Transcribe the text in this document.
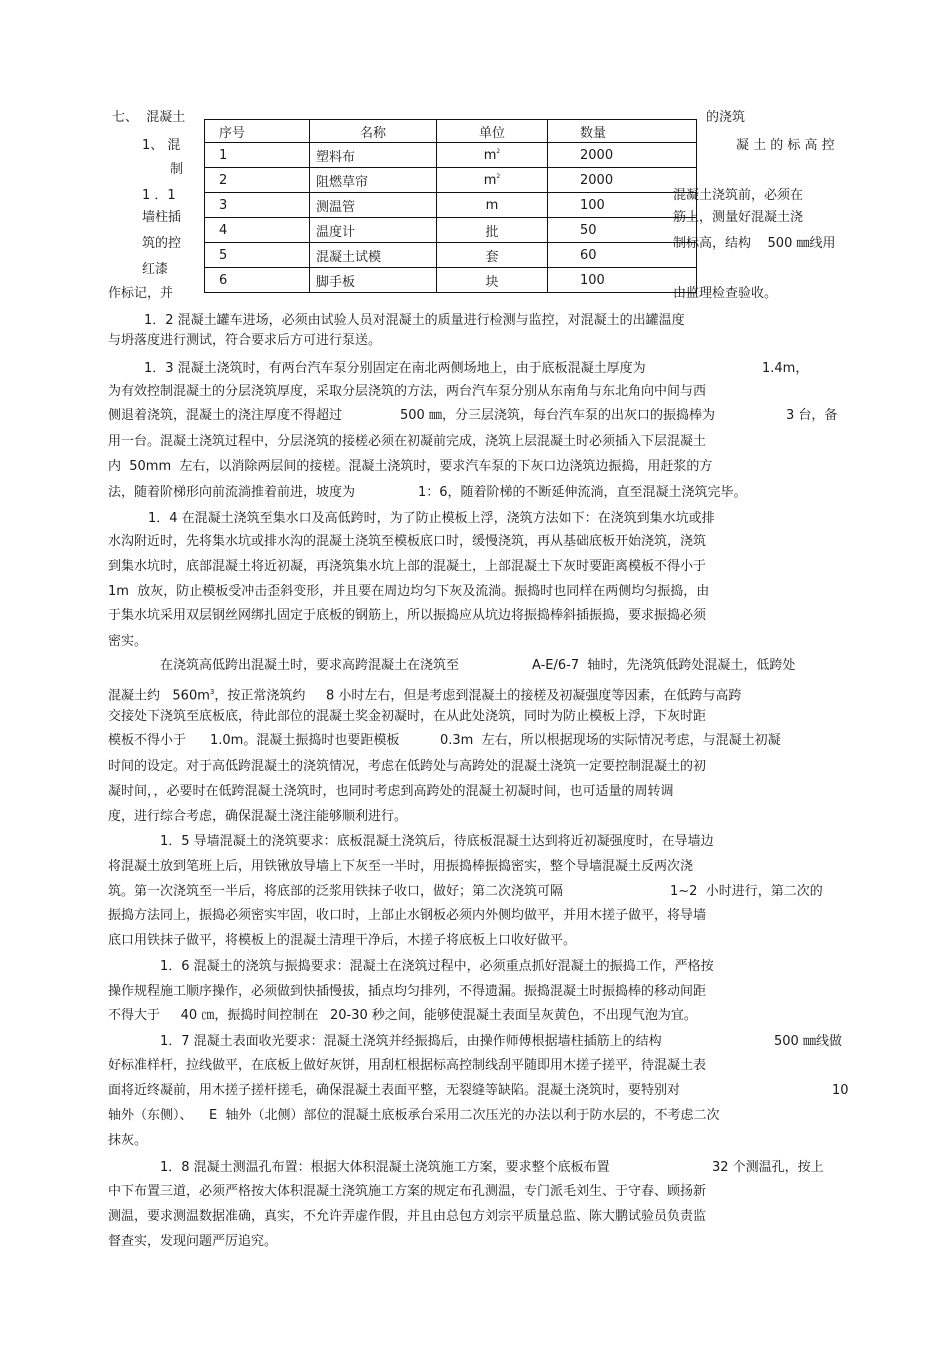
七、  混凝土	的浇筑
1、 混
制
1 ．1
墙柱插
筑的控
红漆
作标记，并
凝 土 的 标 高 控
混凝土浇筑前，必须在
筋上，测量好混凝土浇
制标高，结构    500 ㎜线用
由监理检查验收。
序号	名称	单位	数量
1	塑料布	$m^2$	2000
2	阻燃草帘	$m^2$	2000
3	测温管	m	100
4	温度计	批	50
5	混凝土试模	套	60
6	脚手板	块	100
1．2 混凝土罐车进场，必须由试验人员对混凝土的质量进行检测与监控，对混凝土的出罐温度
与坍落度进行测试，符合要求后方可进行泵送。
1．3 混凝土浇筑时，有两台汽车泵分别固定在南北两侧场地上，由于底板混凝土厚度为	1.4m，
为有效控制混凝土的分层浇筑厚度，采取分层浇筑的方法，两台汽车泵分别从东南角与东北角向中间与西
侧退着浇筑，混凝土的浇注厚度不得超过	500 ㎜，分三层浇筑，每台汽车泵的出灰口的振捣棒为	3 台，备
用一台。混凝土浇筑过程中，分层浇筑的接槎必须在初凝前完成，浇筑上层混凝土时必须插入下层混凝土
内  50mm  左右，以消除两层间的接槎。混凝土浇筑时，要求汽车泵的下灰口边浇筑边振捣，用赶浆的方
法，随着阶梯形向前流淌推着前进，坡度为	1：6，随着阶梯的不断延伸流淌，直至混凝土浇筑完毕。
1．4 在混凝土浇筑至集水口及高低跨时，为了防止模板上浮，浇筑方法如下：在浇筑到集水坑或排
水沟附近时，先将集水坑或排水沟的混凝土浇筑至模板底口时，缓慢浇筑，再从基础底板开始浇筑，浇筑
到集水坑时，底部混凝土将近初凝，再浇筑集水坑上部的混凝土，上部混凝土下灰时要距离模板不得小于
1m  放灰，防止模板受冲击歪斜变形，并且要在周边均匀下灰及流淌。振捣时也同样在两侧均匀振捣，由
于集水坑采用双层钢丝网绑扎固定于底板的钢筋上，所以振捣应从坑边将振捣棒斜插振捣，要求振捣必须
密实。
在浇筑高低跨出混凝土时，要求高跨混凝土在浇筑至	A-E/6-7  轴时，先浇筑低跨处混凝土，低跨处
混凝土约   $560m^3$，按正常浇筑约     8 小时左右，但是考虑到混凝土的接槎及初凝强度等因素，在低跨与高跨
交接处下浇筑至底板底，待此部位的混凝土奖金初凝时，在从此处浇筑，同时为防止模板上浮，下灰时距
模板不得小于 1.0m。混凝土振捣时也要距模板	0.3m  左右，所以根据现场的实际情况考虑，与混凝土初凝
时间的设定。对于高低跨混凝土的浇筑情况，考虑在低跨处与高跨处的混凝土浇筑一定要控制混凝土的初
凝时间，，必要时在低跨混凝土浇筑时，也同时考虑到高跨处的混凝土初凝时间，也可适量的周转调
度，进行综合考虑，确保混凝土浇注能够顺利进行。
1．5 导墙混凝土的浇筑要求：底板混凝土浇筑后，待底板混凝土达到将近初凝强度时，在导墙边
将混凝土放到笔班上后，用铁锹放导墙上下灰至一半时，用振捣棒振捣密实，整个导墙混凝土反两次浇
筑。第一次浇筑至一半后，将底部的泛浆用铁抹子收口，做好；第二次浇筑可隔	1~2  小时进行，第二次的
振捣方法同上，振捣必须密实牢固，收口时，上部止水钢板必须内外侧均做平，并用木搓子做平，将导墙
底口用铁抹子做平，将模板上的混凝土清理干净后，木搓子将底板上口收好做平。
1．6 混凝土的浇筑与振捣要求：混凝土在浇筑过程中，必须重点抓好混凝土的振捣工作，严格按
操作规程施工顺序操作，必须做到快插慢拔，插点均匀排列，不得遗漏。振捣混凝土时振捣棒的移动间距
不得大于     40 ㎝，振捣时间控制在 20-30 秒之间，能够使混凝土表面呈灰黄色，不出现气泡为宜。
1．7 混凝土表面收光要求：混凝土浇筑并经振捣后，由操作师傅根据墙柱插筋上的结构	500 ㎜线做
好标准样杆，拉线做平，在底板上做好灰饼，用刮杠根据标高控制线刮平随即用木搓子搓平，待混凝土表
面将近终凝前，用木搓子搓杆搓毛，确保混凝土表面平整，无裂缝等缺陷。混凝土浇筑时，要特别对	10
轴外（东侧）、    E  轴外（北侧）部位的混凝土底板承台采用二次压光的办法以利于防水层的，不考虑二次
抹灰。
1．8 混凝土测温孔布置：根据大体积混凝土浇筑施工方案，要求整个底板布置	32 个测温孔，按上
中下布置三道，必须严格按大体积混凝土浇筑施工方案的规定布孔测温，专门派毛刘生、于守春、顾扬新
测温，要求测温数据准确，真实，不允许弄虚作假，并且由总包方刘宗平质量总监、陈大鹏试验员负责监
督查实，发现问题严厉追究。
